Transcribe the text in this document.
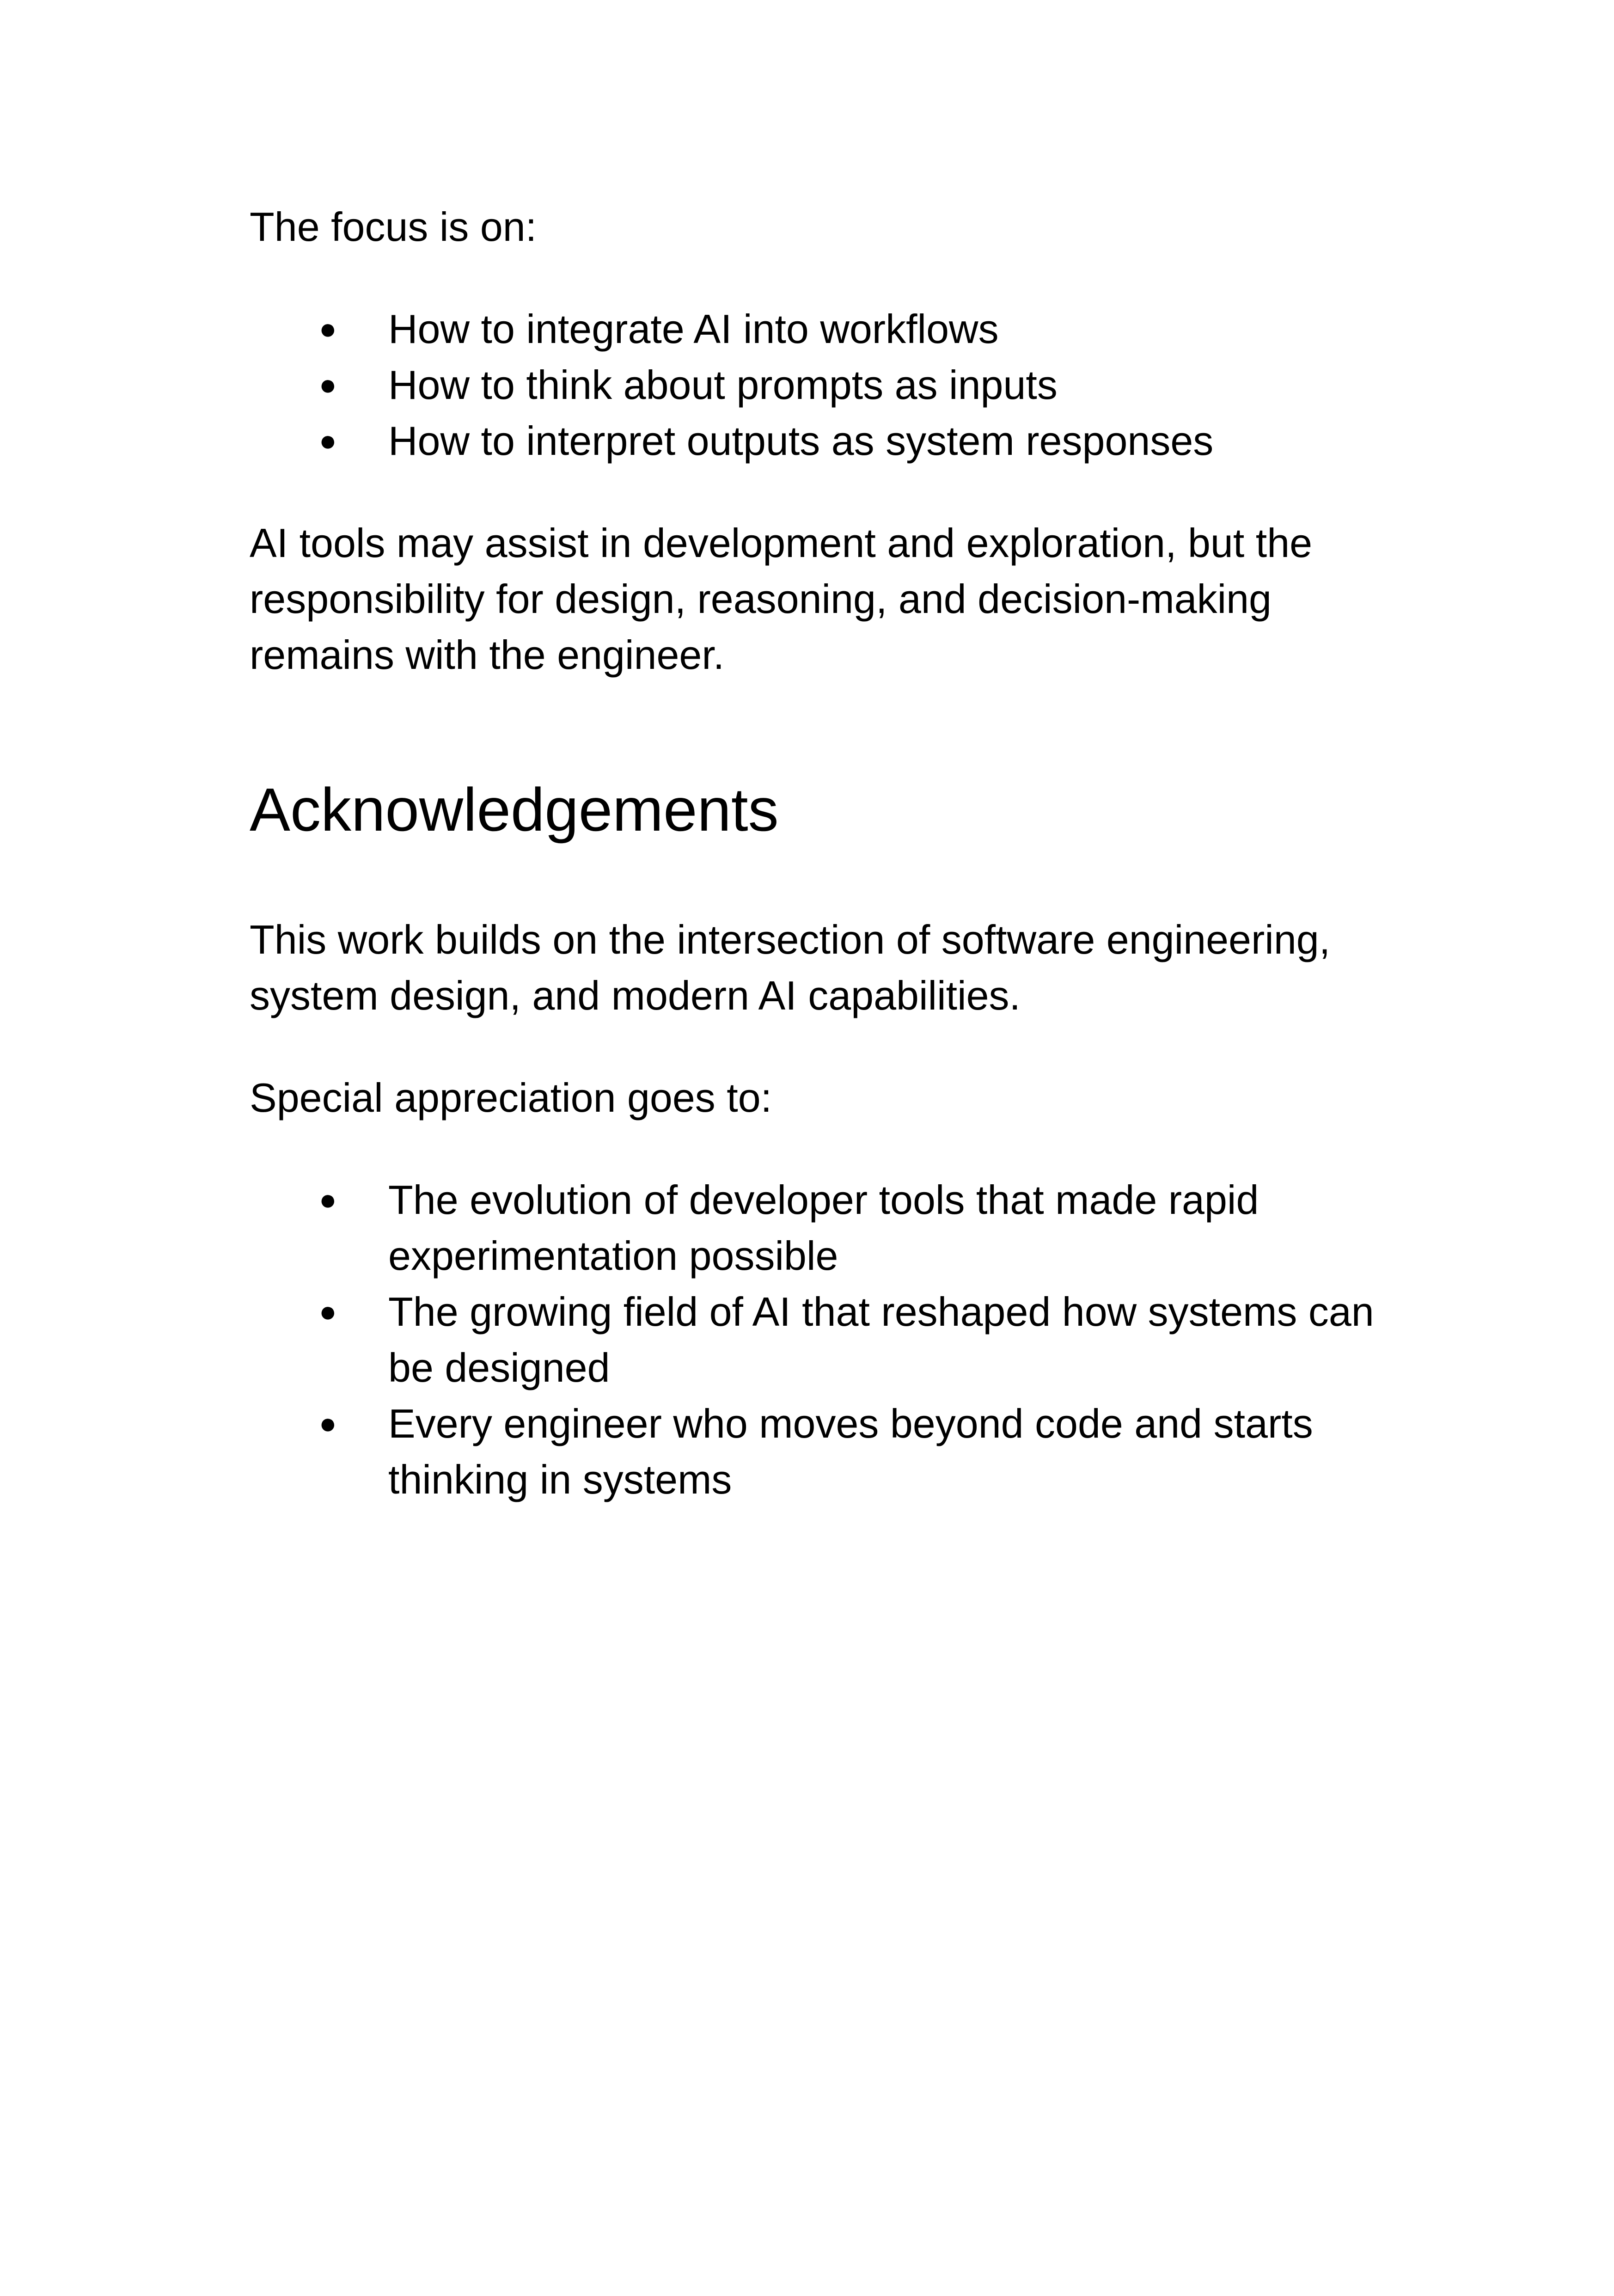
The focus is on:

●	How to integrate AI into workflows
●	How to think about prompts as inputs
●	How to interpret outputs as system responses

AI tools may assist in development and exploration, but the responsibility for design, reasoning, and decision-making remains with the engineer.

Acknowledgements

This work builds on the intersection of software engineering, system design, and modern AI capabilities.

Special appreciation goes to:

●	The evolution of developer tools that made rapid experimentation possible
●	The growing field of AI that reshaped how systems can be designed
●	Every engineer who moves beyond code and starts thinking in systems
